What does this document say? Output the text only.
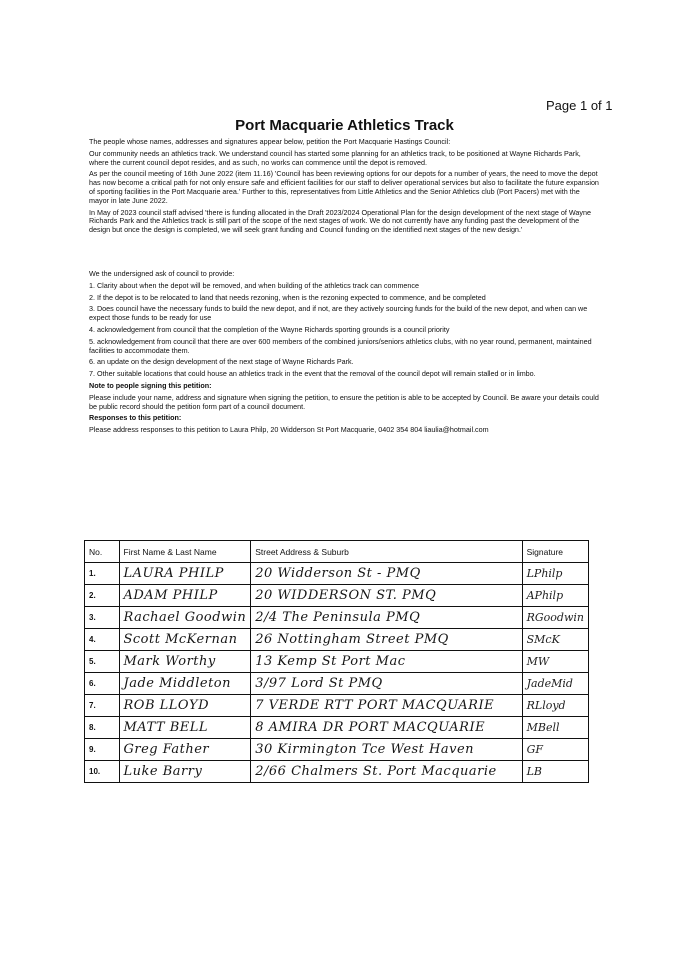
Page 1 of 1
Port Macquarie Athletics Track

The people whose names, addresses and signatures appear below, petition the Port Macquarie Hastings Council:

Our community needs an athletics track. We understand council has started some planning for an athletics track, to be positioned at Wayne Richards Park, where the current council depot resides, and as such, no works can commence until the depot is removed.

As per the council meeting of 16th June 2022 (item 11.16) 'Council has been reviewing options for our depots for a number of years, the need to move the depot has now become a critical path for not only ensure safe and efficient facilities for our staff to deliver operational services but also to facilitate the future expansion of sporting facilities in the Port Macquarie area.' Further to this, representatives from Little Athletics and the Senior Athletics club (Port Pacers) met with the mayor in late June 2022.

In May of 2023 council staff advised 'there is funding allocated in the Draft 2023/2024 Operational Plan for the design development of the next stage of Wayne Richards Park and the Athletics track is still part of the scope of the next stages of work. We do not currently have any funding past the development of the design but once the design is completed, we will seek grant funding and Council funding on the identified next stages of the new design.'

We the undersigned ask of council to provide:

1. Clarity about when the depot will be removed, and when building of the athletics track can commence

2. If the depot is to be relocated to land that needs rezoning, when is the rezoning expected to commence, and be completed

3. Does council have the necessary funds to build the new depot, and if not, are they actively sourcing funds for the build of the new depot, and when can we expect those funds to be ready for use

4. acknowledgement from council that the completion of the Wayne Richards sporting grounds is a council priority

5. acknowledgement from council that there are over 600 members of the combined juniors/seniors athletics clubs, with no year round, permanent, maintained facilities to accommodate them.

6. an update on the design development of the next stage of Wayne Richards Park.

7. Other suitable locations that could house an athletics track in the event that the removal of the council depot will remain stalled or in limbo.

Note to people signing this petition:

Please include your name, address and signature when signing the petition, to ensure the petition is able to be accepted by Council. Be aware your details could be public record should the petition form part of a council document.

Responses to this petition:

Please address responses to this petition to Laura Philp, 20 Widderson St Port Macquarie, 0402 354 804 liaulia@hotmail.com

No.	First Name & Last Name	Street Address & Suburb	Signature
1.	LAURA PHILP	20 Widderson St - PMQ	LPhilp
2.	ADAM PHILP	20 WIDDERSON ST. PMQ	APhilp
3.	Rachael Goodwin	2/4 The Peninsula PMQ	RGoodwin
4.	Scott McKernan	26 Nottingham Street PMQ	SMcK
5.	Mark Worthy	13 Kemp St Port Mac	MW
6.	Jade Middleton	3/97 Lord St PMQ	JadeMid
7.	ROB LLOYD	7 VERDE RTT PORT MACQUARIE	RLloyd
8.	MATT BELL	8 AMIRA DR PORT MACQUARIE	MBell
9.	Greg Father	30 Kirmington Tce West Haven	GF
10.	Luke Barry	2/66 Chalmers St. Port Macquarie	LB
